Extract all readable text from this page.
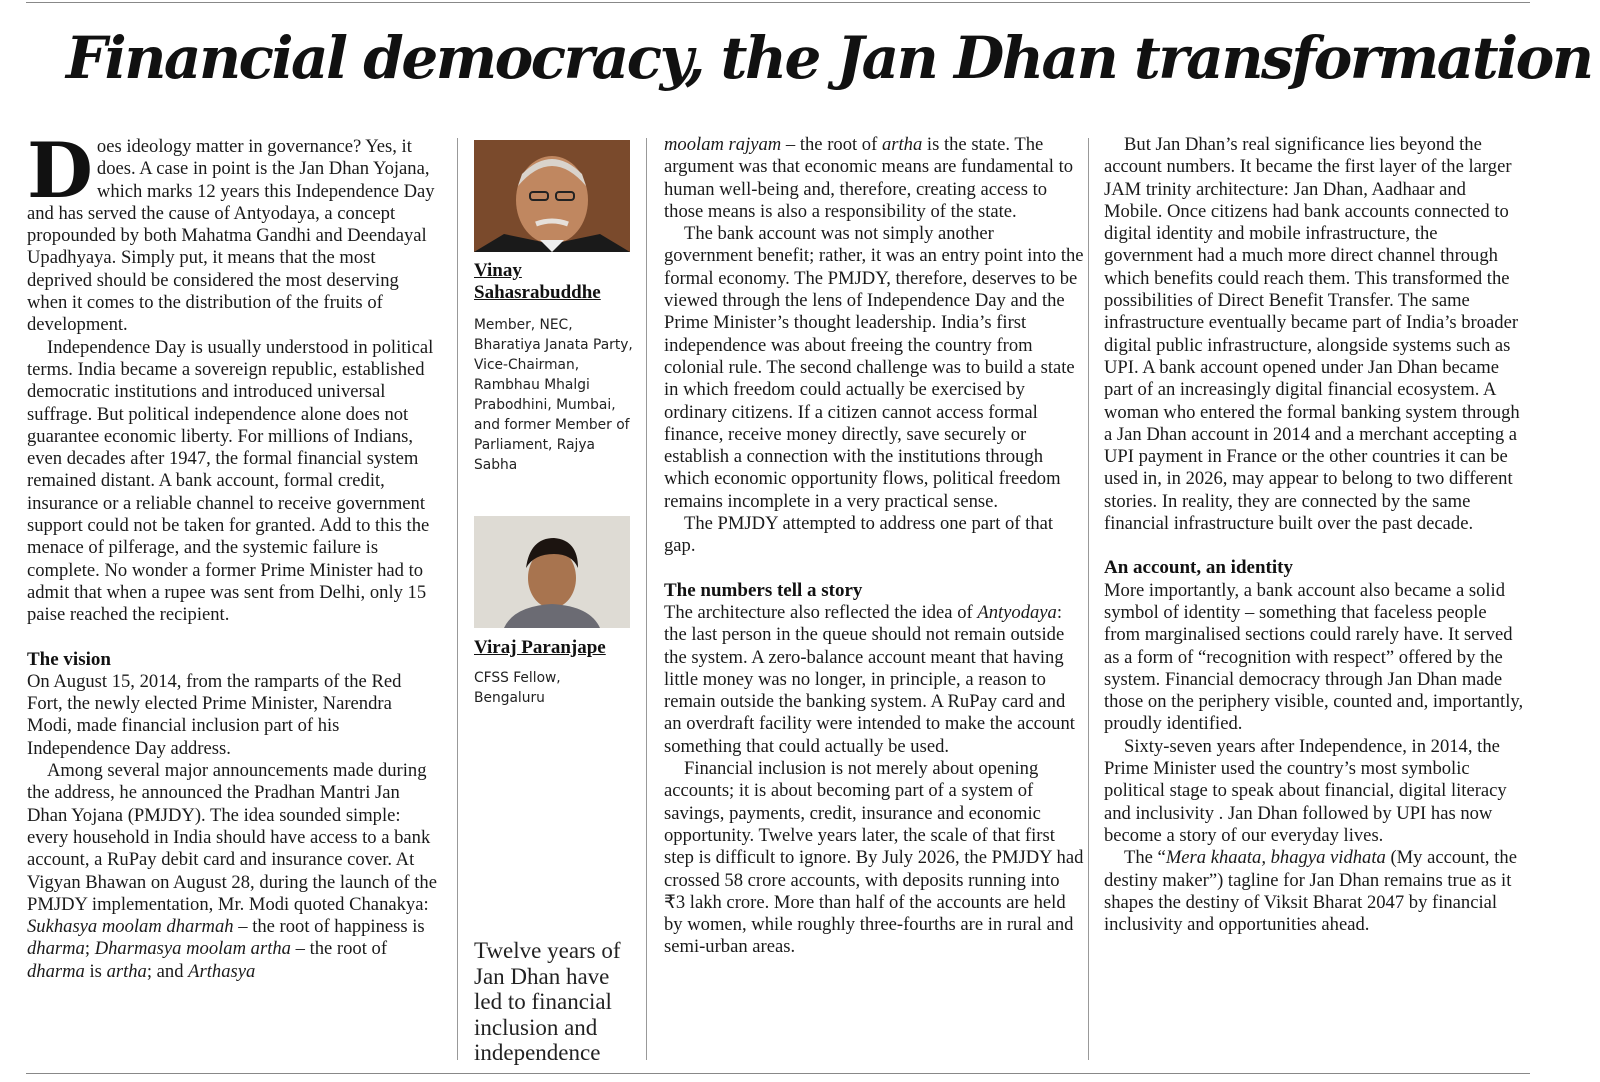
Financial democracy, the Jan Dhan transformation
D oes ideology matter in governance? Yes, it does. A case in point is the Jan Dhan Yojana, which marks 12 years this Independence Day and has served the cause of Antyodaya, a concept propounded by both Mahatma Gandhi and Deendayal Upadhyaya. Simply put, it means that the most deprived should be considered the most deserving when it comes to the distribution of the fruits of development.

Independence Day is usually understood in political terms. India became a sovereign republic, established democratic institutions and introduced universal suffrage. But political independence alone does not guarantee economic liberty. For millions of Indians, even decades after 1947, the formal financial system remained distant. A bank account, formal credit, insurance or a reliable channel to receive government support could not be taken for granted. Add to this the menace of pilferage, and the systemic failure is complete. No wonder a former Prime Minister had to admit that when a rupee was sent from Delhi, only 15 paise reached the recipient.

The vision

On August 15, 2014, from the ramparts of the Red Fort, the newly elected Prime Minister, Narendra Modi, made financial inclusion part of his Independence Day address.

Among several major announcements made during the address, he announced the Pradhan Mantri Jan Dhan Yojana (PMJDY). The idea sounded simple: every household in India should have access to a bank account, a RuPay debit card and insurance cover. At Vigyan Bhawan on August 28, during the launch of the PMJDY implementation, Mr. Modi quoted Chanakya: Sukhasya moolam dharmah – the root of happiness is dharma; Dharmasya moolam artha – the root of dharma is artha; and Arthasya

Vinay Sahasrabuddhe
Member, NEC, Bharatiya Janata Party, Vice-Chairman, Rambhau Mhalgi Prabodhini, Mumbai, and former Member of Parliament, Rajya Sabha
Viraj Paranjape
CFSS Fellow, Bengaluru
Twelve years of Jan Dhan have led to financial inclusion and independence

moolam rajyam – the root of artha is the state. The argument was that economic means are fundamental to human well-being and, therefore, creating access to those means is also a responsibility of the state.

The bank account was not simply another government benefit; rather, it was an entry point into the formal economy. The PMJDY, therefore, deserves to be viewed through the lens of Independence Day and the Prime Minister’s thought leadership. India’s first independence was about freeing the country from colonial rule. The second challenge was to build a state in which freedom could actually be exercised by ordinary citizens. If a citizen cannot access formal finance, receive money directly, save securely or establish a connection with the institutions through which economic opportunity flows, political freedom remains incomplete in a very practical sense.

The PMJDY attempted to address one part of that gap.

The numbers tell a story

The architecture also reflected the idea of Antyodaya: the last person in the queue should not remain outside the system. A zero-balance account meant that having little money was no longer, in principle, a reason to remain outside the banking system. A RuPay card and an overdraft facility were intended to make the account something that could actually be used.

Financial inclusion is not merely about opening accounts; it is about becoming part of a system of savings, payments, credit, insurance and economic opportunity. Twelve years later, the scale of that first step is difficult to ignore. By July 2026, the PMJDY had crossed 58 crore accounts, with deposits running into ₹3 lakh crore. More than half of the accounts are held by women, while roughly three-fourths are in rural and semi-urban areas.

But Jan Dhan’s real significance lies beyond the account numbers. It became the first layer of the larger JAM trinity architecture: Jan Dhan, Aadhaar and Mobile. Once citizens had bank accounts connected to digital identity and mobile infrastructure, the government had a much more direct channel through which benefits could reach them. This transformed the possibilities of Direct Benefit Transfer. The same infrastructure eventually became part of India’s broader digital public infrastructure, alongside systems such as UPI. A bank account opened under Jan Dhan became part of an increasingly digital financial ecosystem. A woman who entered the formal banking system through a Jan Dhan account in 2014 and a merchant accepting a UPI payment in France or the other countries it can be used in, in 2026, may appear to belong to two different stories. In reality, they are connected by the same financial infrastructure built over the past decade.

An account, an identity

More importantly, a bank account also became a solid symbol of identity – something that faceless people from marginalised sections could rarely have. It served as a form of “recognition with respect” offered by the system. Financial democracy through Jan Dhan made those on the periphery visible, counted and, importantly, proudly identified.

Sixty-seven years after Independence, in 2014, the Prime Minister used the country’s most symbolic political stage to speak about financial, digital literacy and inclusivity . Jan Dhan followed by UPI has now become a story of our everyday lives.

The “Mera khaata, bhagya vidhata (My account, the destiny maker”) tagline for Jan Dhan remains true as it shapes the destiny of Viksit Bharat 2047 by financial inclusivity and opportunities ahead.
